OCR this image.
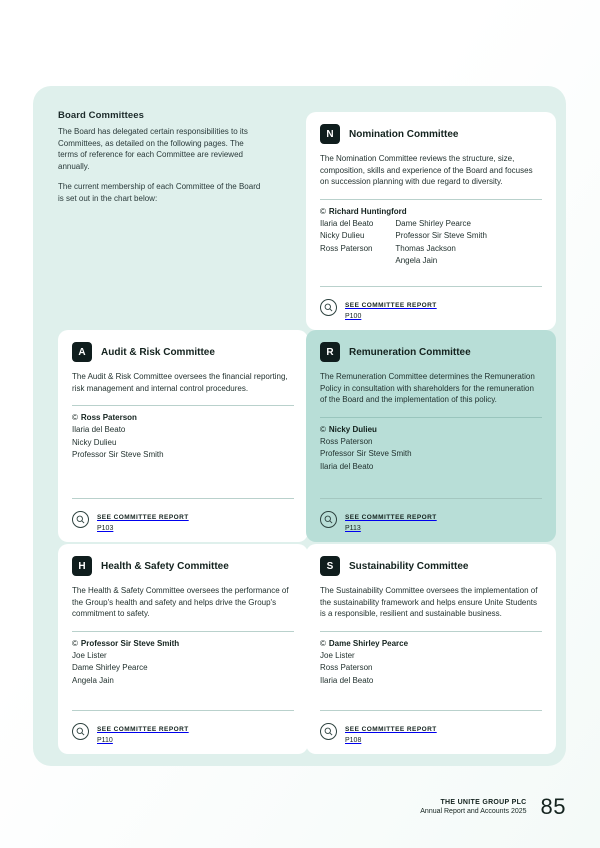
Board Committees

The Board has delegated certain responsibilities to its Committees, as detailed on the following pages. The terms of reference for each Committee are reviewed annually.

The current membership of each Committee of the Board is set out in the chart below:

N	Nomination Committee
The Nomination Committee reviews the structure, size, composition, skills and experience of the Board and focuses on succession planning with due regard to diversity.
© Richard Huntingford
Ilaria del Beato
Nicky Dulieu
Ross Paterson
Dame Shirley Pearce
Professor Sir Steve Smith
Thomas Jackson
Angela Jain
SEE COMMITTEE REPORT
P100
A	Audit & Risk Committee
The Audit & Risk Committee oversees the financial reporting, risk management and internal control procedures.
© Ross Paterson
Ilaria del Beato
Nicky Dulieu
Professor Sir Steve Smith
SEE COMMITTEE REPORT
P103
R	Remuneration Committee
The Remuneration Committee determines the Remuneration Policy in consultation with shareholders for the remuneration of the Board and the implementation of this policy.
© Nicky Dulieu
Ross Paterson
Professor Sir Steve Smith
Ilaria del Beato
SEE COMMITTEE REPORT
P113
H	Health & Safety Committee
The Health & Safety Committee oversees the performance of the Group's health and safety and helps drive the Group's commitment to safety.
© Professor Sir Steve Smith
Joe Lister
Dame Shirley Pearce
Angela Jain
SEE COMMITTEE REPORT
P110
S	Sustainability Committee
The Sustainability Committee oversees the implementation of the sustainability framework and helps ensure Unite Students is a responsible, resilient and sustainable business.
© Dame Shirley Pearce
Joe Lister
Ross Paterson
Ilaria del Beato
SEE COMMITTEE REPORT
P108
THE UNITE GROUP PLC
Annual Report and Accounts 2025 85
